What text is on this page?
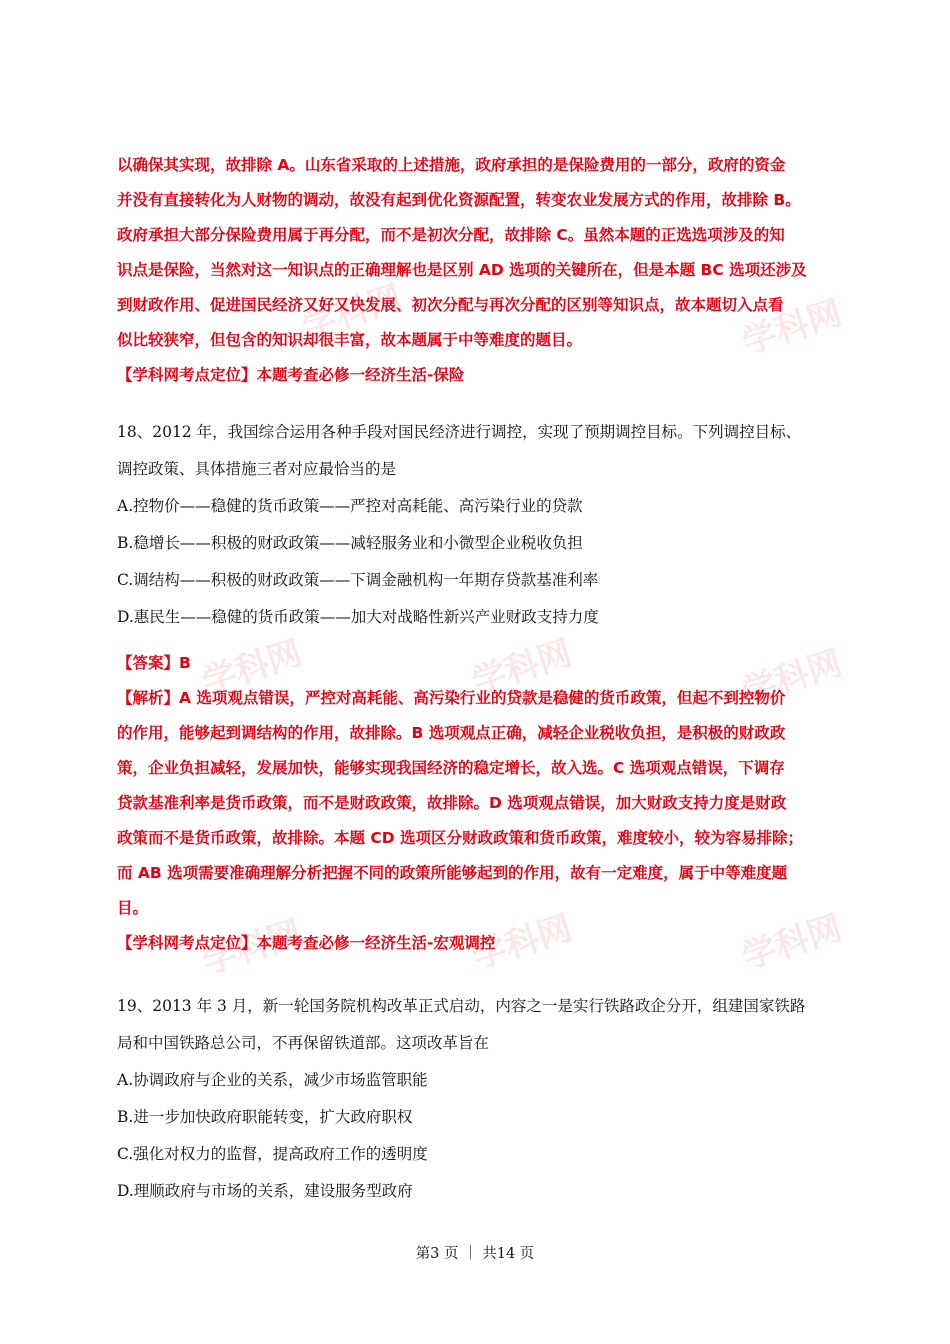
学科网	学科网
学科网	学科网	学科网
学科网	学科网	学科网

以确保其实现，故排除 A。山东省采取的上述措施，政府承担的是保险费用的一部分，政府的资金

并没有直接转化为人财物的调动，故没有起到优化资源配置，转变农业发展方式的作用，故排除 B。

政府承担大部分保险费用属于再分配，而不是初次分配，故排除 C。虽然本题的正选选项涉及的知

识点是保险，当然对这一知识点的正确理解也是区别 AD 选项的关键所在，但是本题 BC 选项还涉及

到财政作用、促进国民经济又好又快发展、初次分配与再次分配的区别等知识点，故本题切入点看

似比较狭窄，但包含的知识却很丰富，故本题属于中等难度的题目。

【学科网考点定位】本题考查必修一经济生活-保险

18、2012 年，我国综合运用各种手段对国民经济进行调控，实现了预期调控目标。下列调控目标、

调控政策、具体措施三者对应最恰当的是

A.控物价——稳健的货币政策——严控对高耗能、高污染行业的贷款

B.稳增长——积极的财政政策——减轻服务业和小微型企业税收负担

C.调结构——积极的财政政策——下调金融机构一年期存贷款基准利率

D.惠民生——稳健的货币政策——加大对战略性新兴产业财政支持力度

【答案】B

【解析】A 选项观点错误，严控对高耗能、高污染行业的贷款是稳健的货币政策，但起不到控物价

的作用，能够起到调结构的作用，故排除。B 选项观点正确，减轻企业税收负担，是积极的财政政

策，企业负担减轻，发展加快，能够实现我国经济的稳定增长，故入选。C 选项观点错误，下调存

贷款基准利率是货币政策，而不是财政政策，故排除。D 选项观点错误，加大财政支持力度是财政

政策而不是货币政策，故排除。本题 CD 选项区分财政政策和货币政策，难度较小，较为容易排除；

而 AB 选项需要准确理解分析把握不同的政策所能够起到的作用，故有一定难度，属于中等难度题

目。

【学科网考点定位】本题考查必修一经济生活-宏观调控

19、2013 年 3 月，新一轮国务院机构改革正式启动，内容之一是实行铁路政企分开，组建国家铁路

局和中国铁路总公司，不再保留铁道部。这项改革旨在

A.协调政府与企业的关系，减少市场监管职能

B.进一步加快政府职能转变，扩大政府职权

C.强化对权力的监督，提高政府工作的透明度

D.理顺政府与市场的关系，建设服务型政府

第3 页 ｜ 共14 页
